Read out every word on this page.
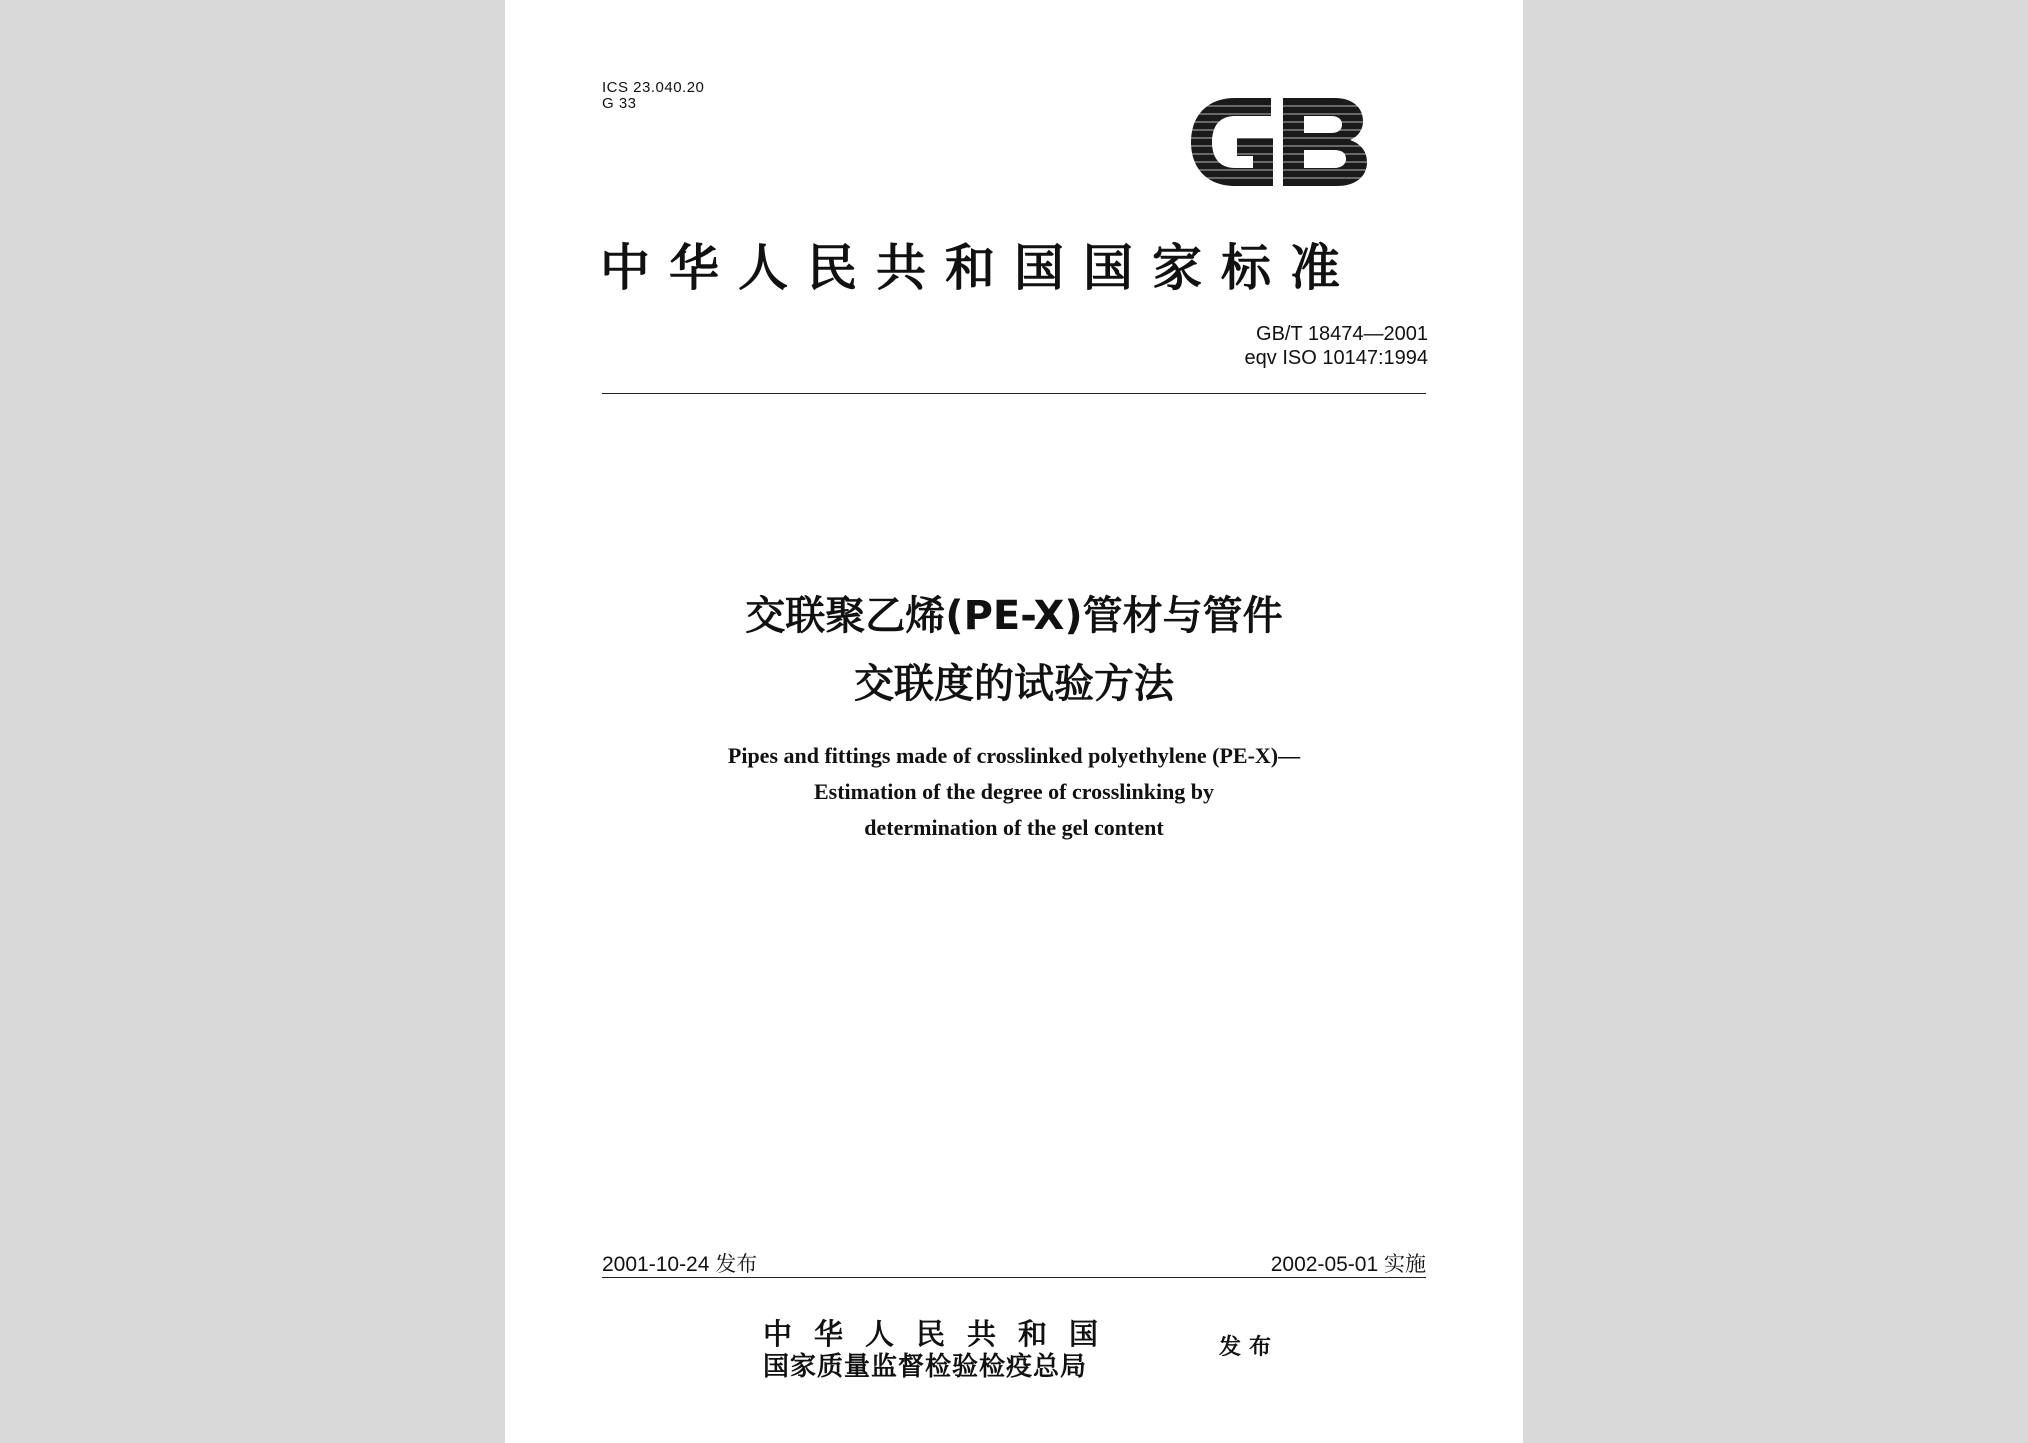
ICS 23.040.20
G 33
中华人民共和国国家标准
GB/T 18474—2001
eqv ISO 10147:1994
交联聚乙烯(PE-X)管材与管件
交联度的试验方法
Pipes and fittings made of crosslinked polyethylene (PE-X)—
Estimation of the degree of crosslinking by
determination of the gel content
2001-10-24 发布	2002-05-01 实施
中华人民共和国
国家质量监督检验检疫总局
发布
